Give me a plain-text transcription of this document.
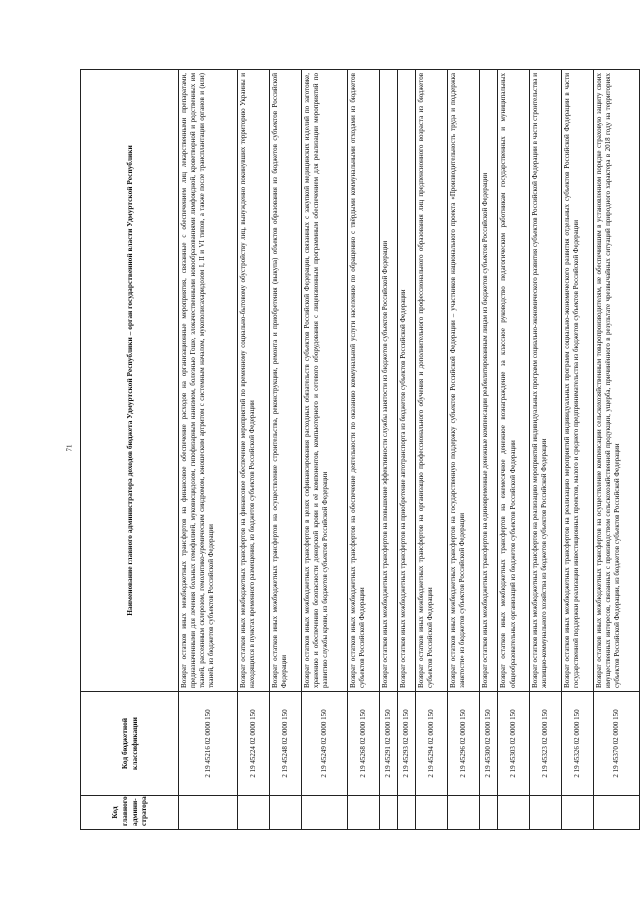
71
Код главного админи-стратора	Код бюджетной классификации	Наименование главного администратора доходов бюджета Удмуртской Республики – орган государственной власти Удмуртской Республики
	2 19 45216 02 0000 150	Возврат остатков иных межбюджетных трансфертов на финансовое обеспечение расходов на организационные мероприятия, связанные с обеспечением лиц лекарственными препаратами, предназначенными для лечения больных гемофилией, муковисцидозом, гипофизарным нанизмом, болезнью Гоше, злокачественными новообразованиями лимфоидной, кроветворной и родственных им тканей, рассеянным склерозом, гемолитико-уремическим синдромом, юношеским артритом с системным началом, мукополисахаридозом I, II и VI типов, а также после трансплантации органов и (или) тканей, из бюджетов субъектов Российской Федерации
	2 19 45224 02 0000 150	Возврат остатков иных межбюджетных трансфертов на финансовое обеспечение мероприятий по временному социально-бытовому обустройству лиц, вынужденно покинувших территорию Украины и находящихся в пунктах временного размещения, из бюджетов субъектов Российской Федерации
	2 19 45248 02 0000 150	Возврат остатков иных межбюджетных трансфертов на осуществление строительства, реконструкции, ремонта и приобретения (выкупа) объектов образования из бюджетов субъектов Российской Федерации
	2 19 45249 02 0000 150	Возврат остатков иных межбюджетных трансфертов в целях софинансирования расходных обязательств субъектов Российской Федерации, связанных с закупкой медицинских изделий по заготовке, хранению и обеспечению безопасности донорской крови и её компонентов, компьютерного и сетевого оборудования с лицензионным программным обеспечением для реализации мероприятий по развитию службы крови, из бюджетов субъектов Российской Федерации
	2 19 45268 02 0000 150	Возврат остатков иных межбюджетных трансфертов на обеспечение деятельности по оказанию коммунальной услуги населению по обращению с твёрдыми коммунальными отходами из бюджетов субъектов Российской Федерации
	2 19 45291 02 0000 150	Возврат остатков иных межбюджетных трансфертов на повышение эффективности службы занятости из бюджетов субъектов Российской Федерации
	2 19 45293 02 0000 150	Возврат остатков иных межбюджетных трансфертов на приобретение автотранспорта из бюджетов субъектов Российской Федерации
	2 19 45294 02 0000 150	Возврат остатков иных межбюджетных трансфертов на организацию профессионального обучения и дополнительного профессионального образования лиц предпенсионного возраста из бюджетов субъектов Российской Федерации
	2 19 45296 02 0000 150	Возврат остатков иных межбюджетных трансфертов на государственную поддержку субъектов Российской Федерации – участников национального проекта «Производительность труда и поддержка занятости» из бюджетов субъектов Российской Федерации
	2 19 45300 02 0000 150	Возврат остатков иных межбюджетных трансфертов на единовременные денежные компенсации реабилитированным лицам из бюджетов субъектов Российской Федерации
	2 19 45303 02 0000 150	Возврат остатков иных межбюджетных трансфертов на ежемесячное денежное вознаграждение за классное руководство педагогическим работникам государственных и муниципальных общеобразовательных организаций из бюджетов субъектов Российской Федерации
	2 19 45323 02 0000 150	Возврат остатков иных межбюджетных трансфертов на реализацию мероприятий индивидуальных программ социально-экономического развития субъектов Российской Федерации в части строительства и жилищно-коммунального хозяйства из бюджетов субъектов Российской Федерации
	2 19 45326 02 0000 150	Возврат остатков иных межбюджетных трансфертов на реализацию мероприятий индивидуальных программ социально-экономического развития отдельных субъектов Российской Федерации в части государственной поддержки реализации инвестиционных проектов, малого и среднего предпринимательства из бюджетов субъектов Российской Федерации
	2 19 45370 02 0000 150	Возврат остатков иных межбюджетных трансфертов на осуществление компенсации сельскохозяйственным товаропроизводителям, не обеспечившим в установленном порядке страховую защиту своих имущественных интересов, связанных с производством сельскохозяйственной продукции, ущерба, причинённого в результате чрезвычайных ситуаций природного характера в 2018 году на территориях субъектов Российской Федерации, из бюджетов субъектов Российской Федерации
